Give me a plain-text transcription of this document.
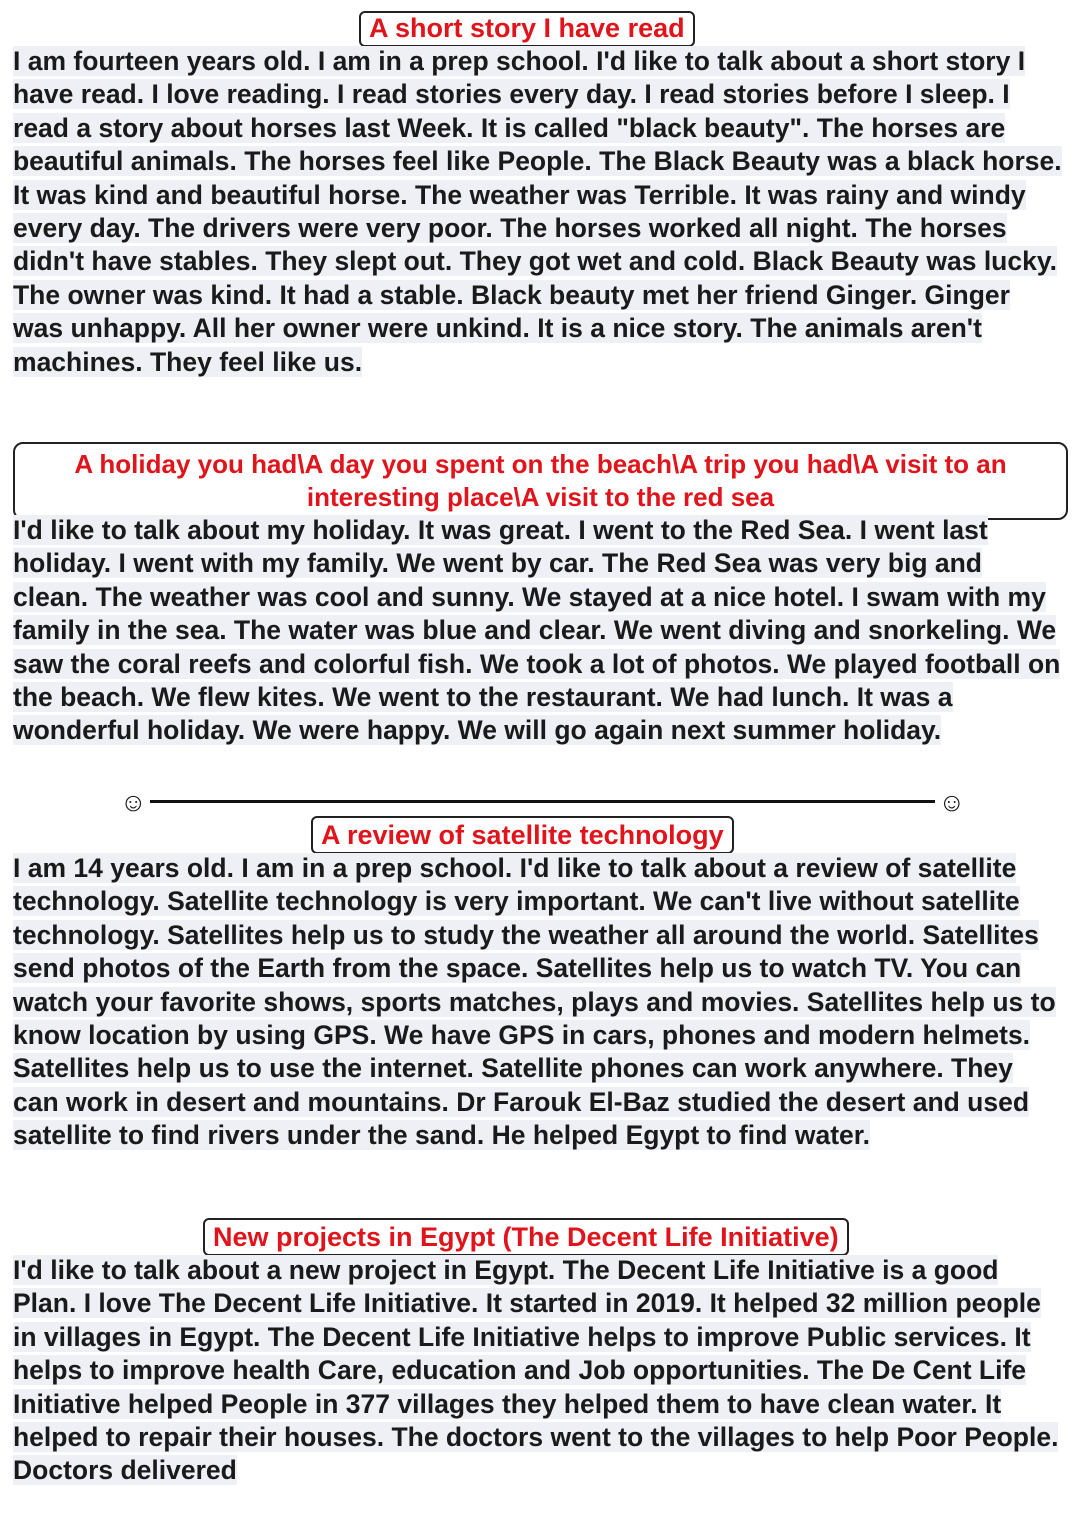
A short story I have read

I am fourteen years old. I am in a prep school. I'd like to talk about a short story I have read. I love reading. I read stories every day. I read stories before I sleep. I read a story about horses last Week. It is called "black beauty". The horses are beautiful animals. The horses feel like People. The Black Beauty was a black horse. It was kind and beautiful horse. The weather was Terrible. It was rainy and windy every day. The drivers were very poor. The horses worked all night. The horses didn't have stables. They slept out. They got wet and cold. Black Beauty was lucky. The owner was kind. It had a stable. Black beauty met her friend Ginger. Ginger was unhappy. All her owner were unkind. It is a nice story. The animals aren't machines. They feel like us.

A holiday you had\A day you spent on the beach\A trip you had\A visit to an interesting place\A visit to the red sea

I'd like to talk about my holiday. It was great. I went to the Red Sea. I went last holiday. I went with my family. We went by car. The Red Sea was very big and clean. The weather was cool and sunny. We stayed at a nice hotel. I swam with my family in the sea. The water was blue and clear. We went diving and snorkeling. We saw the coral reefs and colorful fish. We took a lot of photos. We played football on the beach. We flew kites. We went to the restaurant. We had lunch. It was a wonderful holiday. We were happy. We will go again next summer holiday.

☺	☺
A review of satellite technology

I am 14 years old. I am in a prep school. I'd like to talk about a review of satellite technology. Satellite technology is very important. We can't live without satellite technology. Satellites help us to study the weather all around the world. Satellites send photos of the Earth from the space. Satellites help us to watch TV. You can watch your favorite shows, sports matches, plays and movies. Satellites help us to know location by using GPS. We have GPS in cars, phones and modern helmets. Satellites help us to use the internet. Satellite phones can work anywhere. They can work in desert and mountains. Dr Farouk El-Baz studied the desert and used satellite to find rivers under the sand. He helped Egypt to find water.

New projects in Egypt (The Decent Life Initiative)

I'd like to talk about a new project in Egypt. The Decent Life Initiative is a good Plan. I love The Decent Life Initiative. It started in 2019. It helped 32 million people in villages in Egypt. The Decent Life Initiative helps to improve Public services. It helps to improve health Care, education and Job opportunities. The De Cent Life Initiative helped People in 377 villages they helped them to have clean water. It helped to repair their houses. The doctors went to the villages to help Poor People. Doctors delivered
